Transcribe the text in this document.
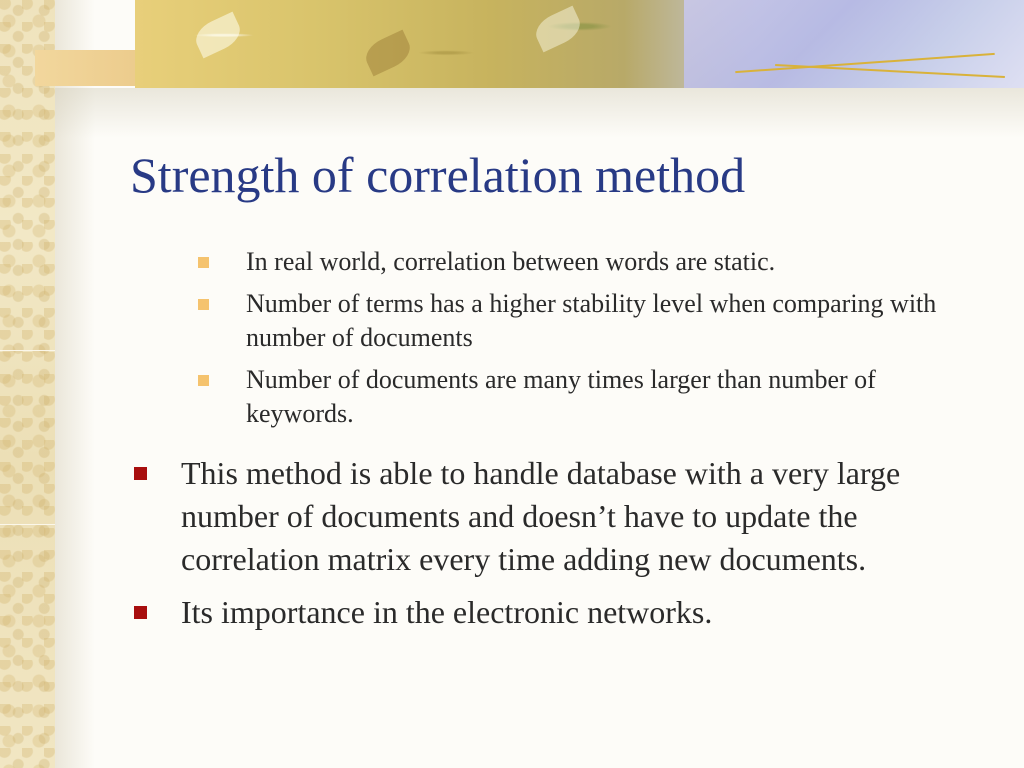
Strength of correlation method
In real world, correlation between words are static.
Number of terms has a higher stability level when comparing with number of documents
Number of documents are many times larger than number of keywords.
This method is able to handle database with a very large number of documents and doesn’t have to update the correlation matrix every time adding new documents.
Its importance in the electronic networks.
